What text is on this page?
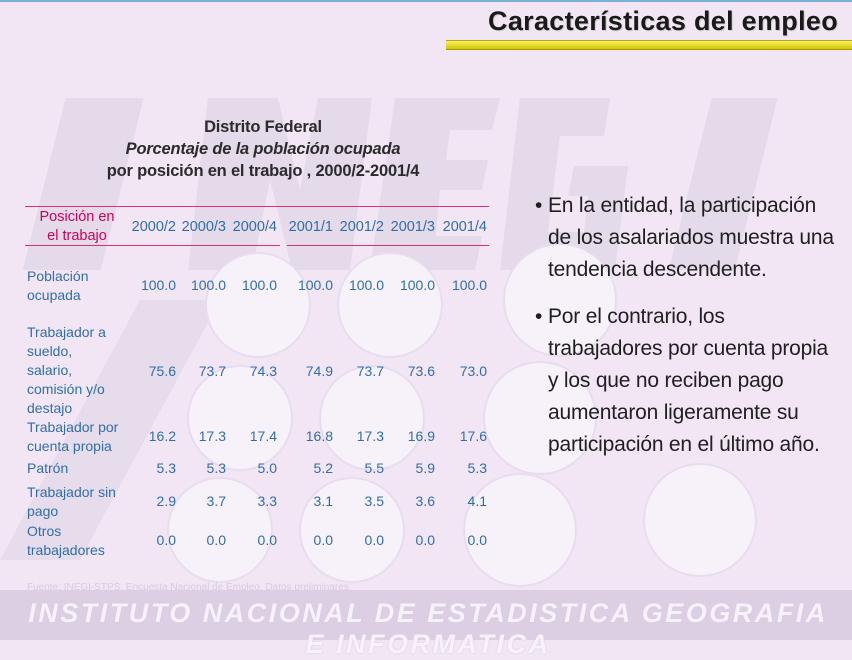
Características del empleo
Distrito Federal
Porcentaje de la población ocupada
por posición en el trabajo , 2000/2-2001/4
Posición en
el trabajo
2000/2 2000/3 2000/4 2001/1 2001/2 2001/3 2001/4
Población
ocupada
100.0	100.0	100.0	100.0	100.0	100.0	100.0
Trabajador a
sueldo,
salario,
comisión y/o
destajo
75.6	73.7	74.3	74.9	73.7	73.6	73.0
Trabajador por
cuenta propia
16.2	17.3	17.4	16.8	17.3	16.9	17.6
Patrón	5.3	5.3	5.0	5.2	5.5	5.9	5.3
Trabajador sin
pago
2.9	3.7	3.3	3.1	3.5	3.6	4.1
Otros
trabajadores
0.0	0.0	0.0	0.0	0.0	0.0	0.0
Fuente: INEGI-STPS. Encuesta Nacional de Empleo. Datos preliminares.
• En la entidad, la participación de los asalariados muestra una tendencia descendente.
• Por el contrario, los trabajadores por cuenta propia y los que no reciben pago aumentaron ligeramente su participación en el último año.
INSTITUTO NACIONAL DE ESTADISTICA GEOGRAFIA E INFORMATICA
